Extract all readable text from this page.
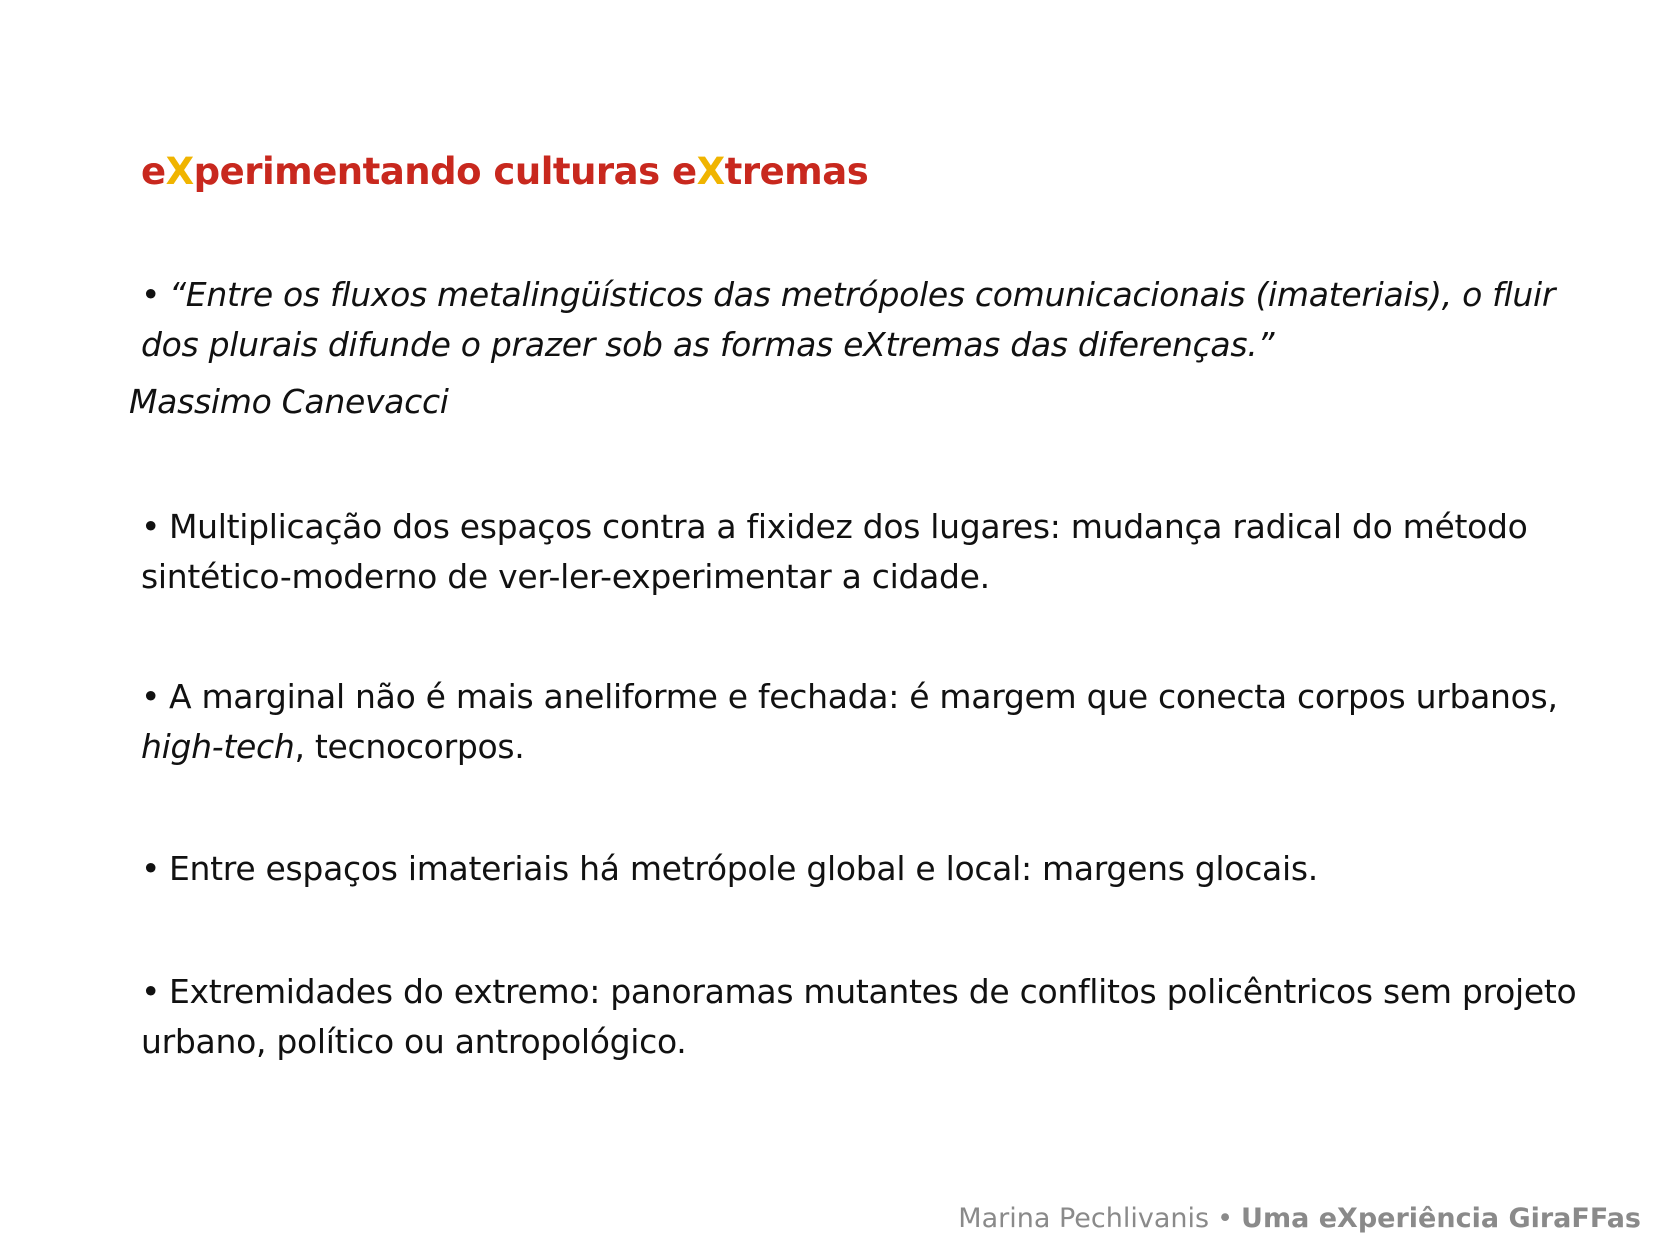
eXperimentando culturas eXtremas

• “Entre os fluxos metalingüísticos das metrópoles comunicacionais (imateriais), o fluir dos plurais difunde o prazer sob as formas eXtremas das diferenças.”

Massimo Canevacci

• Multiplicação dos espaços contra a fixidez dos lugares: mudança radical do método sintético-moderno de ver-ler-experimentar a cidade.

• A marginal não é mais aneliforme e fechada: é margem que conecta corpos urbanos, high-tech, tecnocorpos.

• Entre espaços imateriais há metrópole global e local: margens glocais.

• Extremidades do extremo: panoramas mutantes de conflitos policêntricos sem projeto urbano, político ou antropológico.

Marina Pechlivanis • Uma eXperiência GiraFFas
